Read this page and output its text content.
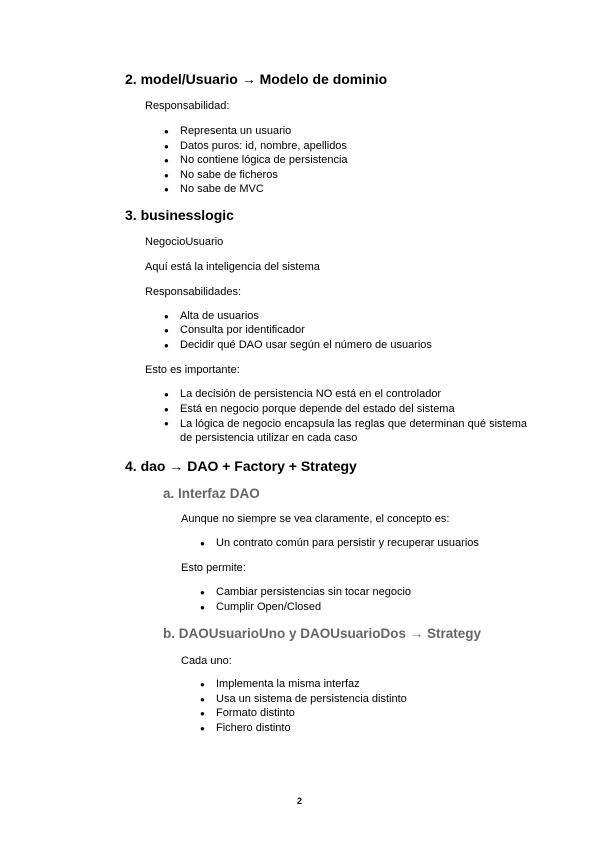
2. model/Usuario → Modelo de dominio
Responsabilidad:
● Representa un usuario
● Datos puros: id, nombre, apellidos
● No contiene lógica de persistencia
● No sabe de ficheros
● No sabe de MVC
3. businesslogic
NegocioUsuario
Aquí está la inteligencia del sistema
Responsabilidades:
● Alta de usuarios
● Consulta por identificador
● Decidir qué DAO usar según el número de usuarios
Esto es importante:
● La decisión de persistencia NO está en el controlador
● Está en negocio porque depende del estado del sistema
● La lógica de negocio encapsula las reglas que determinan qué sistema de persistencia utilizar en cada caso
4. dao → DAO + Factory + Strategy
a. Interfaz DAO
Aunque no siempre se vea claramente, el concepto es:
● Un contrato común para persistir y recuperar usuarios
Esto permite:
● Cambiar persistencias sin tocar negocio
● Cumplir Open/Closed
b. DAOUsuarioUno y DAOUsuarioDos → Strategy
Cada uno:
● Implementa la misma interfaz
● Usa un sistema de persistencia distinto
● Formato distinto
● Fichero distinto
2
